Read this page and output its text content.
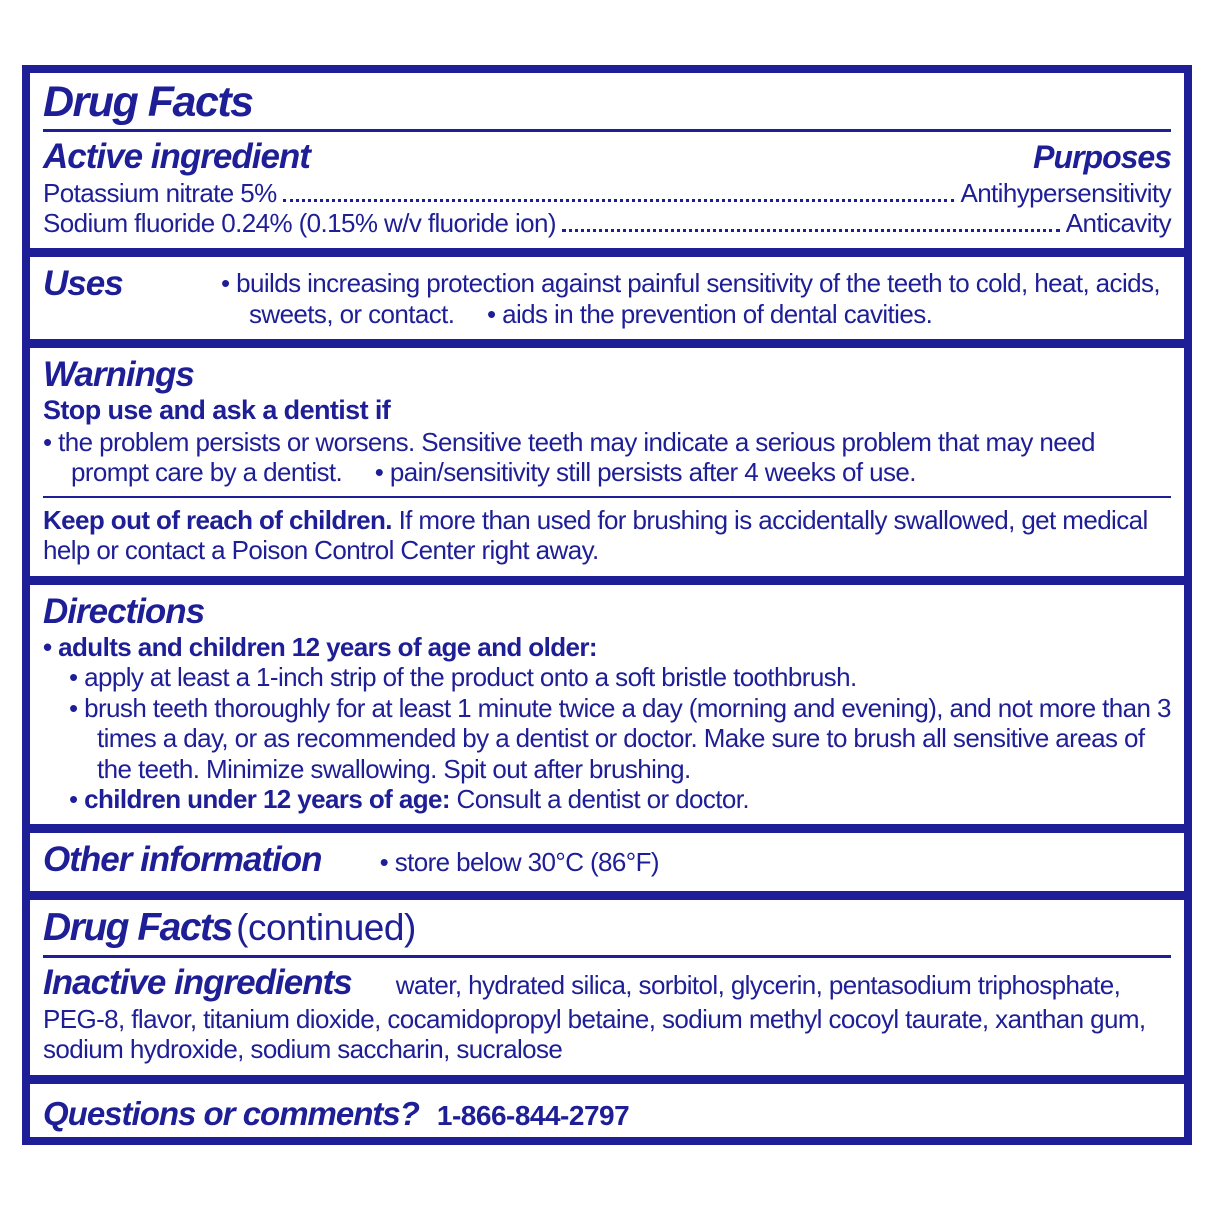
Drug Facts
Active ingredient	Purposes
Potassium nitrate 5%	Antihypersensitivity
Sodium fluoride 0.24% (0.15% w/v fluoride ion)	Anticavity
Uses	• builds increasing protection against painful sensitivity of the teeth to cold, heat, acids, sweets, or contact. • aids in the prevention of dental cavities.

Warnings

Stop use and ask a dentist if

• the problem persists or worsens. Sensitive teeth may indicate a serious problem that may need prompt care by a dentist. • pain/sensitivity still persists after 4 weeks of use.

Keep out of reach of children. If more than used for brushing is accidentally swallowed, get medical help or contact a Poison Control Center right away.

Directions

• adults and children 12 years of age and older:

• apply at least a 1-inch strip of the product onto a soft bristle toothbrush.

• brush teeth thoroughly for at least 1 minute twice a day (morning and evening), and not more than 3 times a day, or as recommended by a dentist or doctor. Make sure to brush all sensitive areas of the teeth. Minimize swallowing. Spit out after brushing.

• children under 12 years of age: Consult a dentist or doctor.

Other information • store below 30°C (86°F)

Drug Facts (continued)

Inactive ingredients water, hydrated silica, sorbitol, glycerin, pentasodium triphosphate, PEG-8, flavor, titanium dioxide, cocamidopropyl betaine, sodium methyl cocoyl taurate, xanthan gum, sodium hydroxide, sodium saccharin, sucralose

Questions or comments? 1-866-844-2797
